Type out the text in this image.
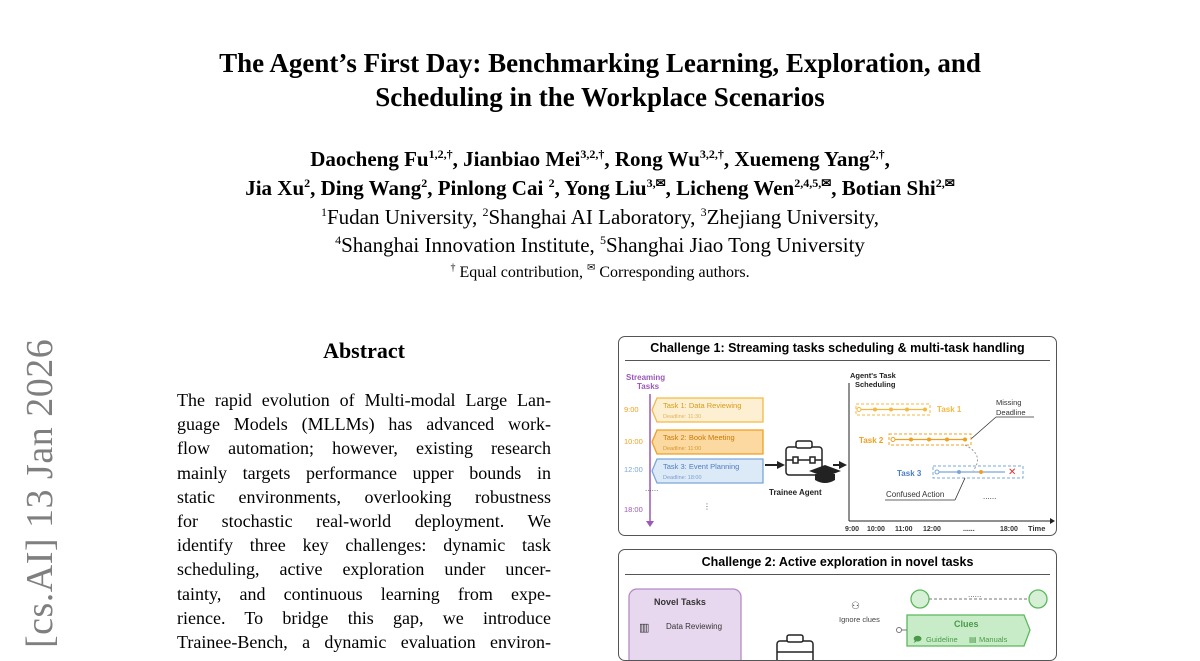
[cs.AI] 13 Jan 2026
The Agent’s First Day: Benchmarking Learning, Exploration, and
Scheduling in the Workplace Scenarios
Daocheng $Fu^{1,2,\dagger}$, Jianbiao Mei$^{3,2,\dagger}$, Rong $Wu^{3,2,\dagger}$, Xuemeng Yang$^{2,\dagger}$,
Jia Xu$^2$, Ding Wang$^2$, Pinlong Cai $^2$, Yong Liu$^{3,✉}$, Licheng Wen$^{2,4,5,✉}$, Botian Shi$^{2,✉}$
$^1$Fudan University, $^2$Shanghai AI Laboratory, $^3$Zhejiang University,
$^4$Shanghai Innovation Institute, $^5$Shanghai Jiao Tong University
† Equal contribution, ✉ Corresponding authors.
Abstract
The rapid evolution of Multi-modal Large Lan-
guage Models (MLLMs) has advanced work-
flow automation; however, existing research
mainly targets performance upper bounds in
static environments, overlooking robustness
for stochastic real-world deployment. We
identify three key challenges: dynamic task
scheduling, active exploration under uncer-
tainty, and continuous learning from expe-
rience. To bridge this gap, we introduce
Trainee-Bench, a dynamic evaluation environ-
Challenge 1: Streaming tasks scheduling & multi-task handling
Streaming
Tasks
9:00
10:00
12:00
18:00
......
Task 1: Data Reviewing
Deadline: 11:30
Task 2: Book Meeting
Deadline: 11:00
Task 3: Event Planning
Deadline: 18:00
⋮
Trainee Agent
Agent's Task
Scheduling
Task 1
Missing
Deadline
Task 2
Task 3	✕
Confused Action	......
9:00 10:00 11:00 12:00	......	18:00 Time
Challenge 2: Active exploration in novel tasks
Novel Tasks
▥ Data Reviewing
⚇
Ignore clues
......
Clues
🗩 Guideline ▤ Manuals
